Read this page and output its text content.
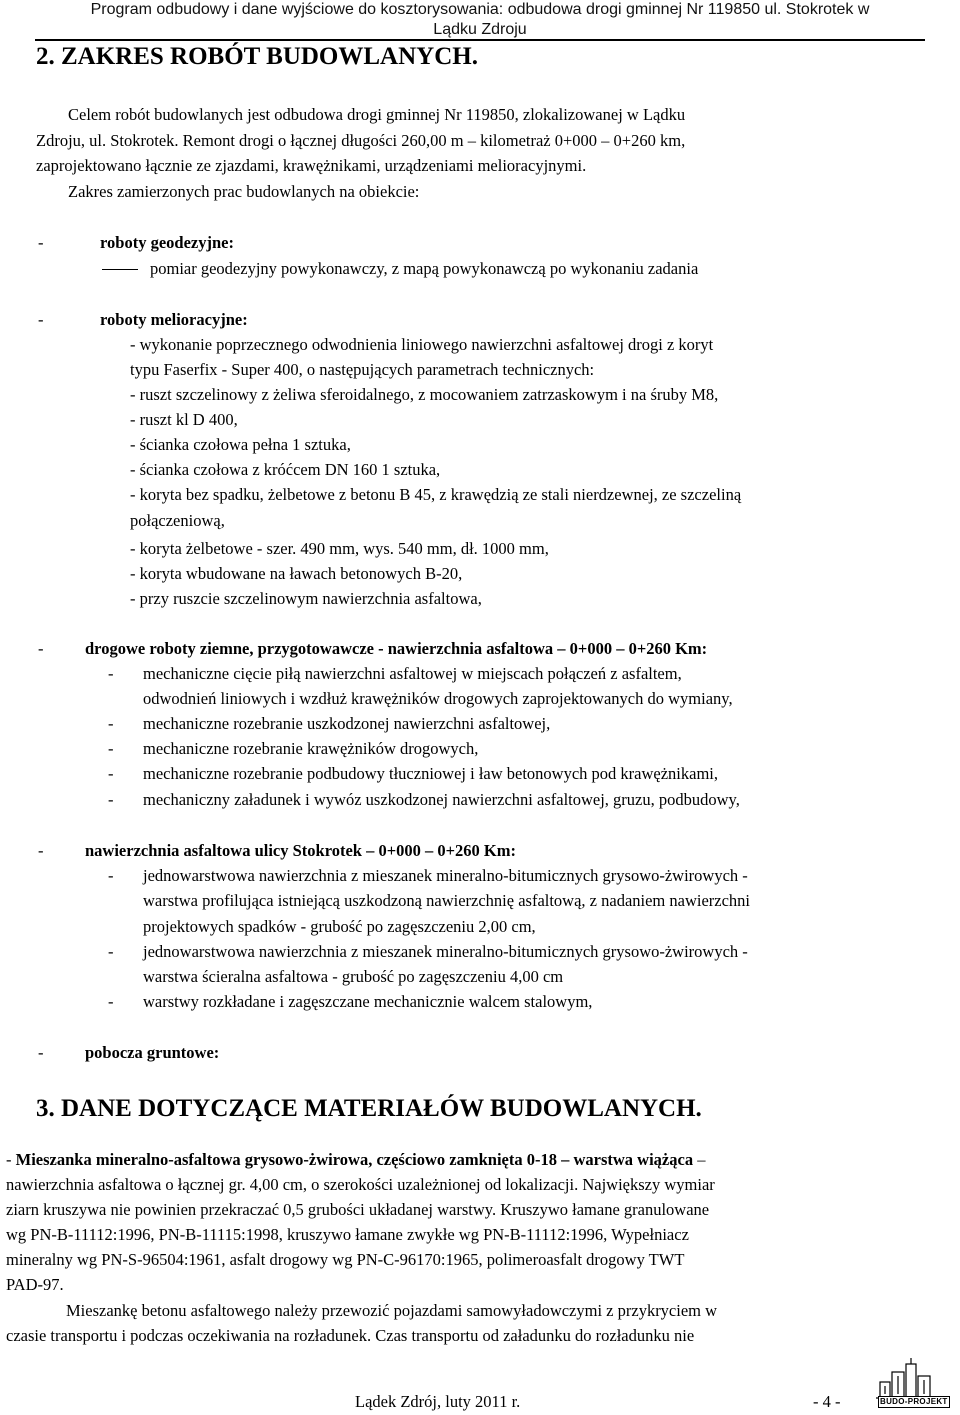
Program odbudowy i dane wyjściowe do kosztorysowania: odbudowa drogi gminnej Nr 119850 ul. Stokrotek w
Lądku Zdroju
2. ZAKRES ROBÓT BUDOWLANYCH.
Celem robót budowlanych jest odbudowa drogi gminnej Nr 119850, zlokalizowanej w Lądku
Zdroju, ul. Stokrotek. Remont drogi o łącznej długości 260,00 m – kilometraż 0+000 – 0+260 km,
zaprojektowano łącznie ze zjazdami, krawężnikami, urządzeniami melioracyjnymi.
Zakres zamierzonych prac budowlanych na obiekcie:
-	roboty geodezyjne:
pomiar geodezyjny powykonawczy, z mapą powykonawczą po wykonaniu zadania
-	roboty melioracyjne:
- wykonanie poprzecznego odwodnienia liniowego nawierzchni asfaltowej drogi z koryt
typu Faserfix - Super 400, o następujących parametrach technicznych:
- ruszt szczelinowy z żeliwa sferoidalnego, z mocowaniem zatrzaskowym i na śruby M8,
- ruszt kl D 400,
- ścianka czołowa pełna 1 sztuka,
- ścianka czołowa z króćcem DN 160 1 sztuka,
- koryta bez spadku, żelbetowe z betonu B 45, z krawędzią ze stali nierdzewnej, ze szczeliną
połączeniową,
- koryta żelbetowe - szer. 490 mm, wys. 540 mm, dł. 1000 mm,
- koryta wbudowane na ławach betonowych B-20,
- przy ruszcie szczelinowym nawierzchnia asfaltowa,
-	drogowe roboty ziemne, przygotowawcze - nawierzchnia asfaltowa – 0+000 – 0+260 Km:
- mechaniczne cięcie piłą nawierzchni asfaltowej w miejscach połączeń z asfaltem,
odwodnień liniowych i wzdłuż krawężników drogowych zaprojektowanych do wymiany,
- mechaniczne rozebranie uszkodzonej nawierzchni asfaltowej,
- mechaniczne rozebranie krawężników drogowych,
- mechaniczne rozebranie podbudowy tłuczniowej i ław betonowych pod krawężnikami,
- mechaniczny załadunek i wywóz uszkodzonej nawierzchni asfaltowej, gruzu, podbudowy,
-	nawierzchnia asfaltowa ulicy Stokrotek – 0+000 – 0+260 Km:
- jednowarstwowa nawierzchnia z mieszanek mineralno-bitumicznych grysowo-żwirowych -
warstwa profilująca istniejącą uszkodzoną nawierzchnię asfaltową, z nadaniem nawierzchni
projektowych spadków - grubość po zagęszczeniu 2,00 cm,
- jednowarstwowa nawierzchnia z mieszanek mineralno-bitumicznych grysowo-żwirowych -
warstwa ścieralna asfaltowa - grubość po zagęszczeniu 4,00 cm
- warstwy rozkładane i zagęszczane mechanicznie walcem stalowym,
-	pobocza gruntowe:
3. DANE DOTYCZĄCE MATERIAŁÓW BUDOWLANYCH.
- Mieszanka mineralno-asfaltowa grysowo-żwirowa, częściowo zamknięta 0-18 – warstwa wiążąca –
nawierzchnia asfaltowa o łącznej gr. 4,00 cm, o szerokości uzależnionej od lokalizacji. Największy wymiar
ziarn kruszywa nie powinien przekraczać 0,5 grubości układanej warstwy. Kruszywo łamane granulowane
wg PN-B-11112:1996, PN-B-11115:1998, kruszywo łamane zwykłe wg PN-B-11112:1996, Wypełniacz
mineralny wg PN-S-96504:1961, asfalt drogowy wg PN-C-96170:1965, polimeroasfalt drogowy TWT
PAD-97.
Mieszankę betonu asfaltowego należy przewozić pojazdami samowyładowczymi z przykryciem w
czasie transportu i podczas oczekiwania na rozładunek. Czas transportu od załadunku do rozładunku nie
Lądek Zdrój, luty 2011 r.	- 4 -	BUDO-PROJEKT
